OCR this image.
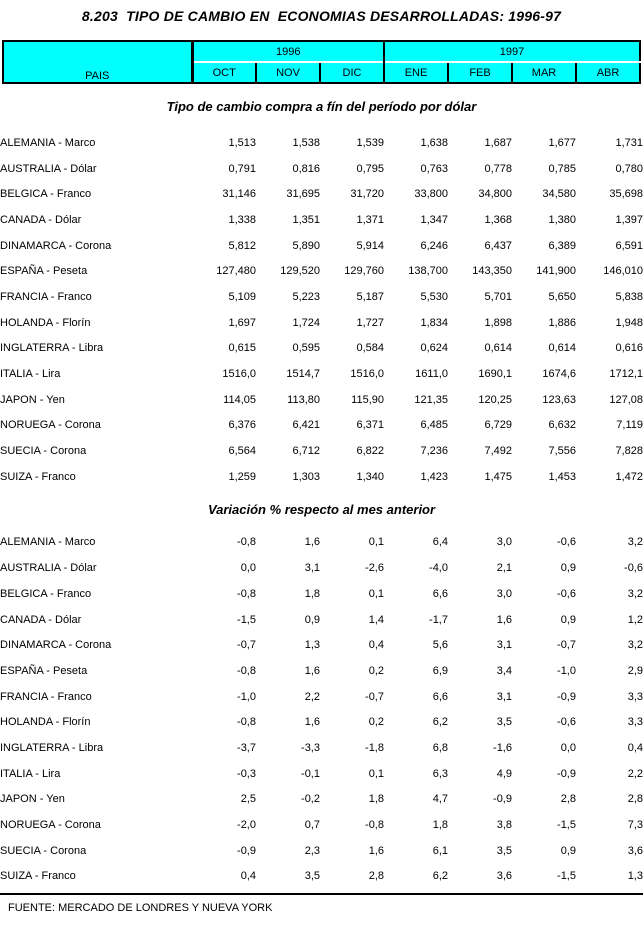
8.203  TIPO DE CAMBIO EN  ECONOMIAS DESARROLLADAS: 1996-97
PAIS	1996			1997			
	OCT	NOV	DIC	ENE	FEB	MAR	ABR
Tipo de cambio compra a fín del período por dólar
ALEMANIA - Marco	1,513	1,538	1,539	1,638	1,687	1,677	1,731
AUSTRALIA - Dólar	0,791	0,816	0,795	0,763	0,778	0,785	0,780
BELGICA - Franco	31,146	31,695	31,720	33,800	34,800	34,580	35,698
CANADA - Dólar	1,338	1,351	1,371	1,347	1,368	1,380	1,397
DINAMARCA - Corona	5,812	5,890	5,914	6,246	6,437	6,389	6,591
ESPAÑA - Peseta	127,480	129,520	129,760	138,700	143,350	141,900	146,010
FRANCIA - Franco	5,109	5,223	5,187	5,530	5,701	5,650	5,838
HOLANDA - Florín	1,697	1,724	1,727	1,834	1,898	1,886	1,948
INGLATERRA - Libra	0,615	0,595	0,584	0,624	0,614	0,614	0,616
ITALIA - Lira	1516,0	1514,7	1516,0	1611,0	1690,1	1674,6	1712,1
JAPON - Yen	114,05	113,80	115,90	121,35	120,25	123,63	127,08
NORUEGA - Corona	6,376	6,421	6,371	6,485	6,729	6,632	7,119
SUECIA - Corona	6,564	6,712	6,822	7,236	7,492	7,556	7,828
SUIZA - Franco	1,259	1,303	1,340	1,423	1,475	1,453	1,472
Variación % respecto al mes anterior
ALEMANIA - Marco	-0,8	1,6	0,1	6,4	3,0	-0,6	3,2
AUSTRALIA - Dólar	0,0	3,1	-2,6	-4,0	2,1	0,9	-0,6
BELGICA - Franco	-0,8	1,8	0,1	6,6	3,0	-0,6	3,2
CANADA - Dólar	-1,5	0,9	1,4	-1,7	1,6	0,9	1,2
DINAMARCA - Corona	-0,7	1,3	0,4	5,6	3,1	-0,7	3,2
ESPAÑA - Peseta	-0,8	1,6	0,2	6,9	3,4	-1,0	2,9
FRANCIA - Franco	-1,0	2,2	-0,7	6,6	3,1	-0,9	3,3
HOLANDA - Florín	-0,8	1,6	0,2	6,2	3,5	-0,6	3,3
INGLATERRA - Libra	-3,7	-3,3	-1,8	6,8	-1,6	0,0	0,4
ITALIA - Lira	-0,3	-0,1	0,1	6,3	4,9	-0,9	2,2
JAPON - Yen	2,5	-0,2	1,8	4,7	-0,9	2,8	2,8
NORUEGA - Corona	-2,0	0,7	-0,8	1,8	3,8	-1,5	7,3
SUECIA - Corona	-0,9	2,3	1,6	6,1	3,5	0,9	3,6
SUIZA - Franco	0,4	3,5	2,8	6,2	3,6	-1,5	1,3
FUENTE: MERCADO DE LONDRES Y NUEVA YORK
